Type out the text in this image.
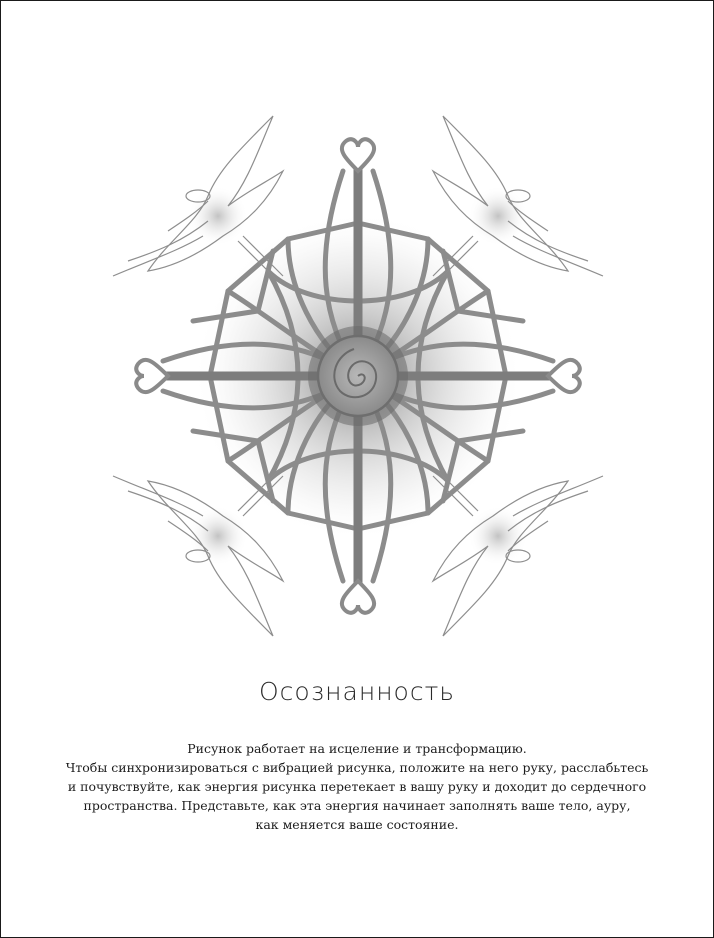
Осознанность
Рисунок работает на исцеление и трансформацию.
Чтобы синхронизироваться с вибрацией рисунка, положите на него руку, расслабьтесь
и почувствуйте, как энергия рисунка перетекает в вашу руку и доходит до сердечного
пространства. Представьте, как эта энергия начинает заполнять ваше тело, ауру,
как меняется ваше состояние.
